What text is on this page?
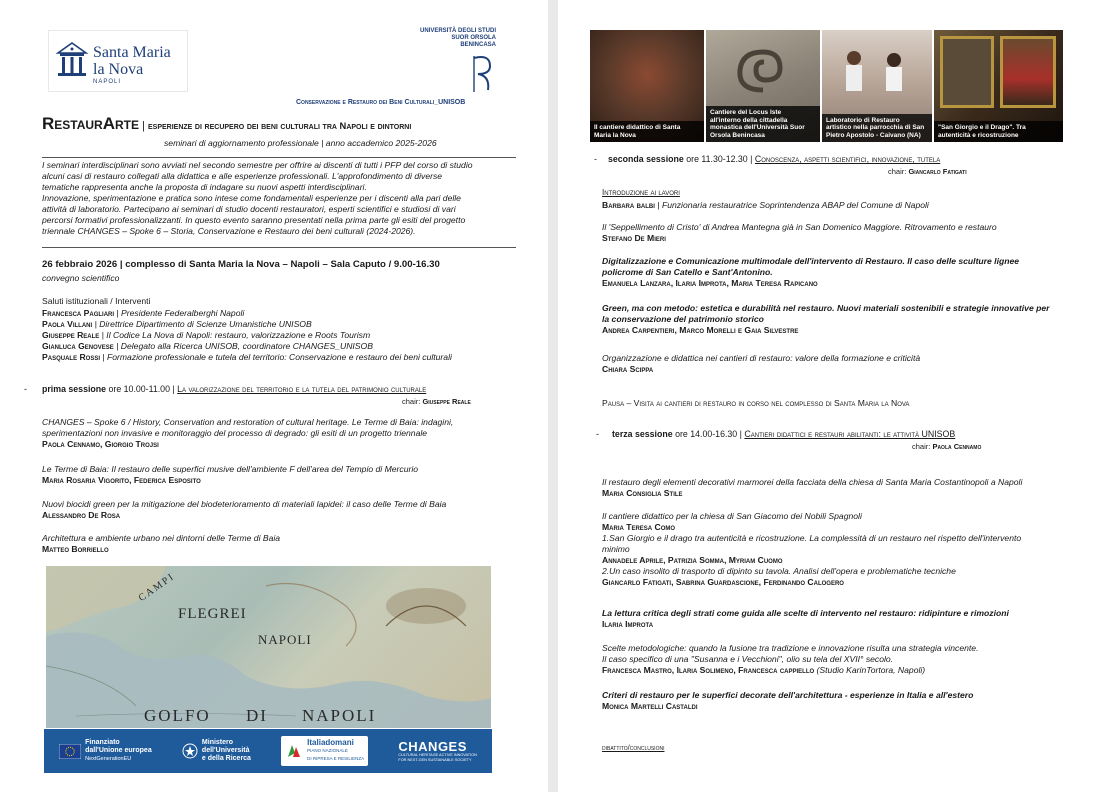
Santa Maria
la Nova
NAPOLI
UNIVERSITÀ DEGLI STUDI
SUOR ORSOLA
BENINCASA
Conservazione e Restauro dei Beni Culturali_UNISOB
RestaurArte | esperienze di recupero dei beni culturali tra Napoli e dintorni
seminari di aggiornamento professionale | anno accademico 2025-2026
I seminari interdisciplinari sono avviati nel secondo semestre per offrire ai discenti di tutti i PFP del corso di studio
alcuni casi di restauro collegati alla didattica e alle esperienze professionali. L'approfondimento di diverse
tematiche rappresenta anche la proposta di indagare su nuovi aspetti interdisciplinari.
Innovazione, sperimentazione e pratica sono intese come fondamentali esperienze per i discenti alla pari delle
attività di laboratorio. Partecipano ai seminari di studio docenti restauratori, esperti scientifici e studiosi di vari
percorsi formativi professionalizzanti. In questo evento saranno presentati nella prima parte gli esiti del progetto
triennale CHANGES – Spoke 6 – Storia, Conservazione e Restauro dei beni culturali (2024-2026).
26 febbraio 2026 | complesso di Santa Maria la Nova – Napoli – Sala Caputo / 9.00-16.30
convegno scientifico
Saluti istituzionali / Interventi
Francesca Pagliari | Presidente Federalberghi Napoli
Paola Villani | Direttrice Dipartimento di Scienze Umanistiche UNISOB
Giuseppe Reale | Il Codice La Nova di Napoli: restauro, valorizzazione e Roots Tourism
Gianluca Genovese | Delegato alla Ricerca UNISOB, coordinatore CHANGES_UNISOB
Pasquale Rossi | Formazione professionale e tutela del territorio: Conservazione e restauro dei beni culturali
- prima sessione ore 10.00-11.00 | La valorizzazione del territorio e la tutela del patrimonio culturale
chair: Giuseppe Reale
CHANGES – Spoke 6 / History, Conservation and restoration of cultural heritage. Le Terme di Baia: indagini,
sperimentazioni non invasive e monitoraggio del processo di degrado: gli esiti di un progetto triennale
Paola Cennamo, Giorgio Trojsi
Le Terme di Baia: Il restauro delle superfici musive dell'ambiente F dell'area del Tempio di Mercurio
Maria Rosaria Vigorito, Federica Esposito
Nuovi biocidi green per la mitigazione del biodeterioramento di materiali lapidei: il caso delle Terme di Baia
Alessandro De Rosa
Architettura e ambiente urbano nei dintorni delle Terme di Baia
Matteo Borriello
FLEGREI
CAMPI
NAPOLI
GOLFO DI NAPOLI
Finanziato
dall'Unione europea
NextGenerationEU
Ministero
dell'Università
e della Ricerca
Italiadomani
PIANO NAZIONALE
DI RIPRESA E RESILIENZA
CHANGES
CULTURAL HERITAGE ACTIVE INNOVATION
FOR NEXT-GEN SUSTAINABLE SOCIETY
Il cantiere didattico di Santa
Maria la Nova
Cantiere del Locus Iste
all'interno della cittadella
monastica dell'Università Suor
Orsola Benincasa
Laboratorio di Restauro
artistico nella parrocchia di San
Pietro Apostolo - Caivano (NA)
"San Giorgio e il Drago". Tra
autenticità e ricostruzione
- seconda sessione ore 11.30-12.30 | Conoscenza, aspetti scientifici, innovazione, tutela
chair: Giancarlo Fatigati
Introduzione ai lavori
Barbara balbi | Funzionaria restauratrice Soprintendenza ABAP del Comune di Napoli
Il 'Seppellimento di Cristo' di Andrea Mantegna già in San Domenico Maggiore. Ritrovamento e restauro
Stefano De Mieri
Digitalizzazione e Comunicazione multimodale dell'intervento di Restauro. Il caso delle sculture lignee
policrome di San Catello e Sant'Antonino.
Emanuela Lanzara, Ilaria Improta, Maria Teresa Rapicano
Green, ma con metodo: estetica e durabilità nel restauro. Nuovi materiali sostenibili e strategie innovative per
la conservazione del patrimonio storico
Andrea Carpentieri, Marco Morelli e Gaia Silvestre
Organizzazione e didattica nei cantieri di restauro: valore della formazione e criticità
Chiara Scippa
Pausa – Visita ai cantieri di restauro in corso nel complesso di Santa Maria la Nova
- terza sessione ore 14.00-16.30 | Cantieri didattici e restauri abilitanti: le attività UNISOB
chair: Paola Cennamo
Il restauro degli elementi decorativi marmorei della facciata della chiesa di Santa Maria Costantinopoli a Napoli
Maria Consiglia Stile
Il cantiere didattico per la chiesa di San Giacomo dei Nobili Spagnoli
Maria Teresa Como
1.San Giorgio e il drago tra autenticità e ricostruzione. La complessità di un restauro nel rispetto dell'intervento
minimo
Annadele Aprile, Patrizia Somma, Myriam Cuomo
2.Un caso insolito di trasporto di dipinto su tavola. Analisi dell'opera e problematiche tecniche
Giancarlo Fatigati, Sabrina Guardascione, Ferdinando Calogero
La lettura critica degli strati come guida alle scelte di intervento nel restauro: ridipinture e rimozioni
Ilaria Improta
Scelte metodologiche: quando la fusione tra tradizione e innovazione risulta una strategia vincente.
Il caso specifico di una "Susanna e i Vecchioni", olio su tela del XVII° secolo.
Francesca Mastro, Ilaria Solimeno, Francesca cappiello (Studio KarinTortora, Napoli)
Criteri di restauro per le superfici decorate dell'architettura - esperienze in Italia e all'estero
Monica Martelli Castaldi
dibattito/conclusioni
